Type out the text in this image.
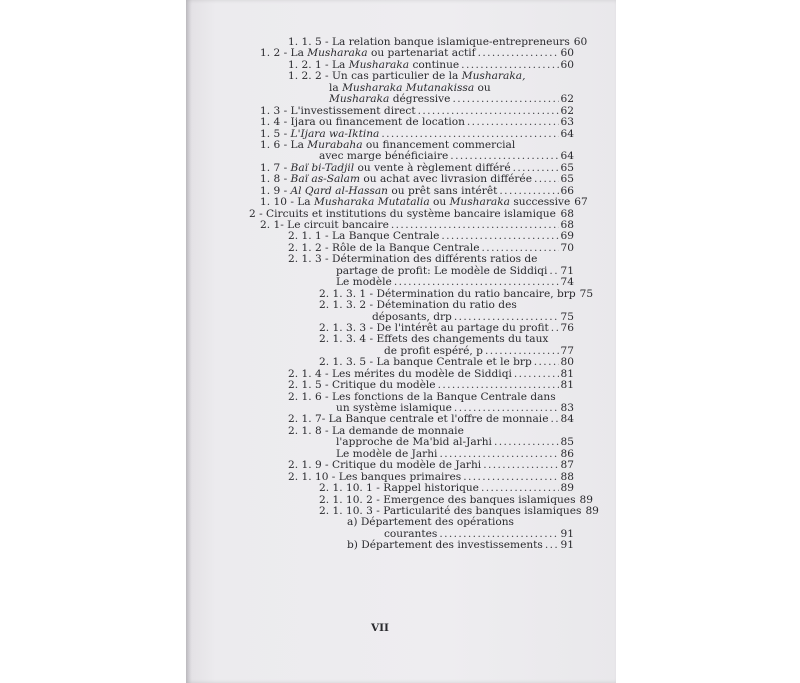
1. 1. 5 - La relation banque islamique-entrepreneurs 60
1. 2 - La Musharaka ou partenariat actif .....	60
1. 2. 1 - La Musharaka continue .....	60
1. 2. 2 - Un cas particulier de la Musharaka,
la Musharaka Mutanakissa ou
Musharaka dégressive .....	62
1. 3 - L'investissement direct .....	62
1. 4 - Ijara ou financement de location .....	63
1. 5 - L'Ijara wa-Iktina .....	64
1. 6 - La Murabaha ou financement commercial
avec marge bénéficiaire .....	64
1. 7 - Baï bi-Tadjil ou vente à règlement différé .....	65
1. 8 - Baï as-Salam ou achat avec livrasion différée .....	65
1. 9 - Al Qard al-Hassan ou prêt sans intérêt .....	66
1. 10 - La Musharaka Mutatalia ou Musharaka successive 67
2 - Circuits et institutions du système bancaire islamique ..... 68
2. 1- Le circuit bancaire .....	68
2. 1. 1 - La Banque Centrale .....	69
2. 1. 2 - Rôle de la Banque Centrale .....	70
2. 1. 3 - Détermination des différents ratios de
partage de profit: Le modèle de Siddiqi ..... 71
Le modèle .....	74
2. 1. 3. 1 - Détermination du ratio bancaire, brp 75
2. 1. 3. 2 - Détemination du ratio des
déposants, drp .....	75
2. 1. 3. 3 - De l'intérêt au partage du profit ..... 76
2. 1. 3. 4 - Effets des changements du taux
de profit espéré, p .....	77
2. 1. 3. 5 - La banque Centrale et le brp .....	80
2. 1. 4 - Les mérites du modèle de Siddiqi .....	81
2. 1. 5 - Critique du modèle .....	81
2. 1. 6 - Les fonctions de la Banque Centrale dans
un système islamique .....	83
2. 1. 7- La Banque centrale et l'offre de monnaie ..... 84
2. 1. 8 - La demande de monnaie
l'approche de Ma'bid al-Jarhi .....	85
Le modèle de Jarhi .....	86
2. 1. 9 - Critique du modèle de Jarhi .....	87
2. 1. 10 - Les banques primaires .....	88
2. 1. 10. 1 - Rappel historique .....	89
2. 1. 10. 2 - Emergence des banques islamiques 89
2. 1. 10. 3 - Particularité des banques islamiques 89
a) Département des opérations
courantes .....	91
b) Département des investissements ..... 91
VII
